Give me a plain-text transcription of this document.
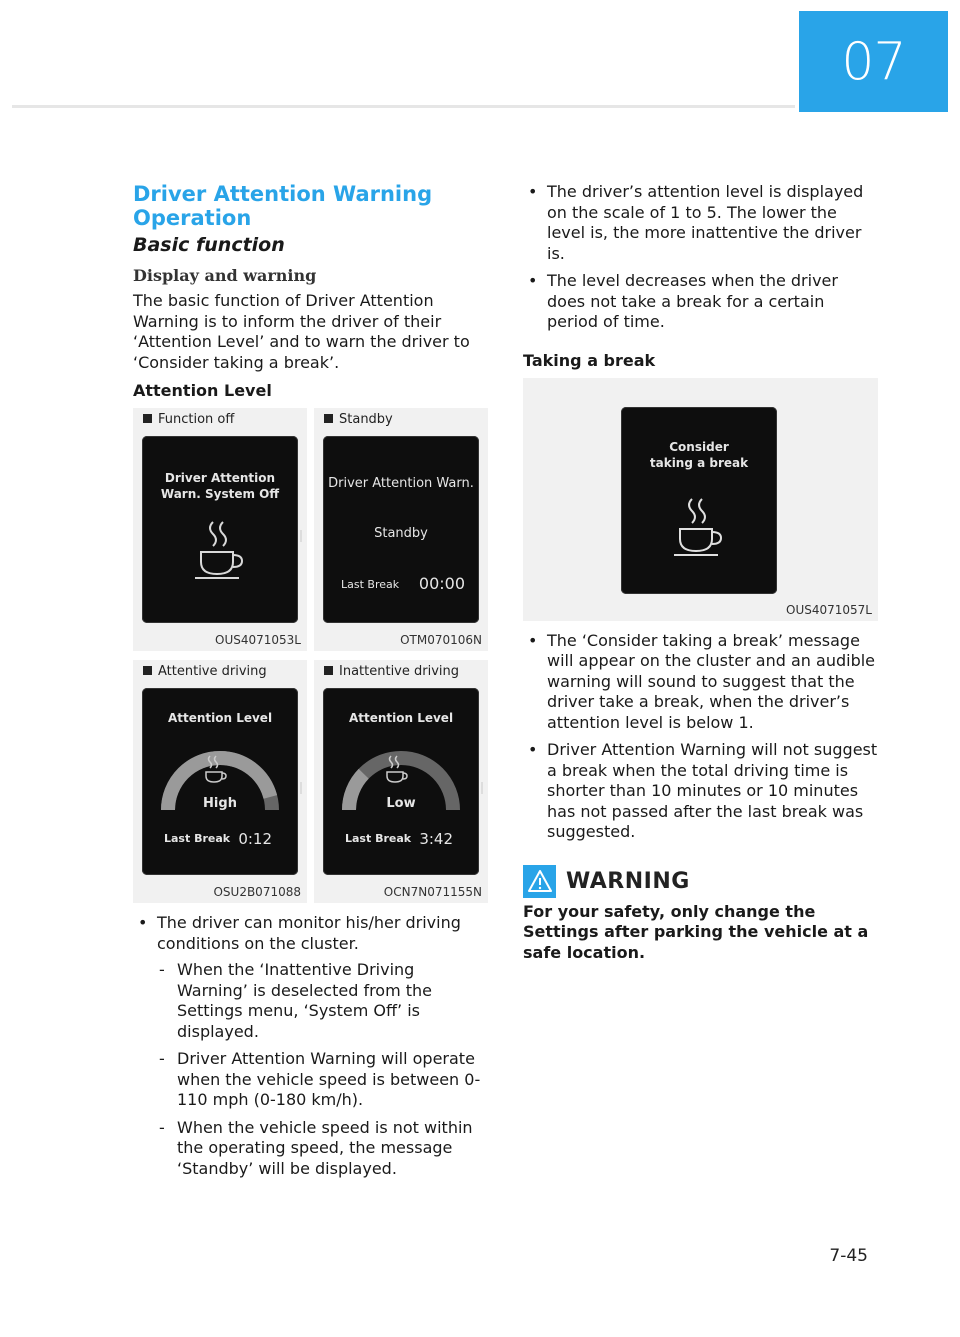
07
Driver Attention Warning Operation
Basic function
Display and warning

The basic function of Driver Attention Warning is to inform the driver of their ‘Attention Level’ and to warn the driver to ‘Consider taking a break’.

Attention Level
Function off
Driver Attention Warn. System Off
OUS4071053L
Standby
Driver Attention Warn.
Standby
Last Break 00:00
OTM070106N
Attentive driving
Attention Level
High
Last Break 0:12
OSU2B071088
Inattentive driving
Attention Level
Low
Last Break 3:42
OCN7N071155N
• The driver can monitor his/her driving conditions on the cluster.
- When the ‘Inattentive Driving Warning’ is deselected from the Settings menu, ‘System Off’ is displayed.
- Driver Attention Warning will operate when the vehicle speed is between 0-110 mph (0-180 km/h).
- When the vehicle speed is not within the operating speed, the message ‘Standby’ will be displayed.
• The driver’s attention level is displayed on the scale of 1 to 5. The lower the level is, the more inattentive the driver is.
• The level decreases when the driver does not take a break for a certain period of time.
Taking a break
Consider taking a break
OUS4071057L
• The ‘Consider taking a break’ message will appear on the cluster and an audible warning will sound to suggest that the driver take a break, when the driver’s attention level is below 1.
• Driver Attention Warning will not suggest a break when the total driving time is shorter than 10 minutes or 10 minutes has not passed after the last break was suggested.
WARNING

For your safety, only change the Settings after parking the vehicle at a safe location.

7-45
